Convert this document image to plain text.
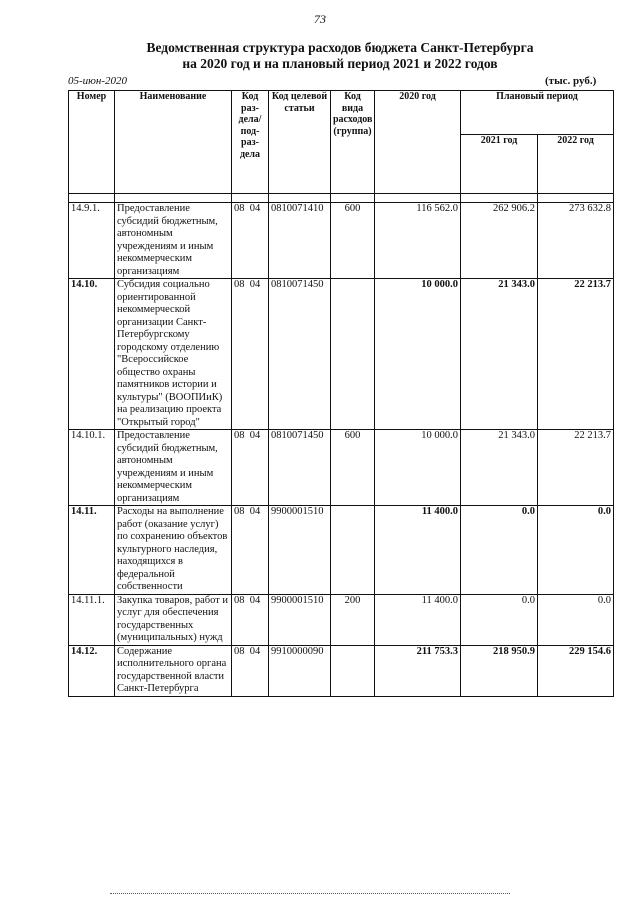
73
Ведомственная структура расходов бюджета Санкт-Петербурга
на 2020 год и на плановый период 2021 и 2022 годов
05-июн-2020	(тыс. руб.)
Номер	Наименование	Код раз- дела/ под- раз- дела	Код целевой статьи	Код вида расходов (группа)	2020 год	Плановый период	
						2021 год	2022 год

14.9.1.	Предоставление субсидий бюджетным, автономным учреждениям и иным некоммерческим организациям	08  04	0810071410	600	116 562.0	262 906.2	273 632.8
14.10.	Субсидия социально ориентированной некоммерческой организации Санкт-Петербургскому городскому отделению "Всероссийское общество охраны памятников истории и культуры" (ВООПИиК) на реализацию проекта "Открытый город"	08  04	0810071450		10 000.0	21 343.0	22 213.7
14.10.1.	Предоставление субсидий бюджетным, автономным учреждениям и иным некоммерческим организациям	08  04	0810071450	600	10 000.0	21 343.0	22 213.7
14.11.	Расходы на выполнение работ (оказание услуг) по сохранению объектов культурного наследия, находящихся в федеральной собственности	08  04	9900001510		11 400.0	0.0	0.0
14.11.1.	Закупка товаров, работ и услуг для обеспечения государственных (муниципальных) нужд	08  04	9900001510	200	11 400.0	0.0	0.0
14.12.	Содержание исполнительного органа государственной власти Санкт-Петербурга	08  04	9910000090		211 753.3	218 950.9	229 154.6
